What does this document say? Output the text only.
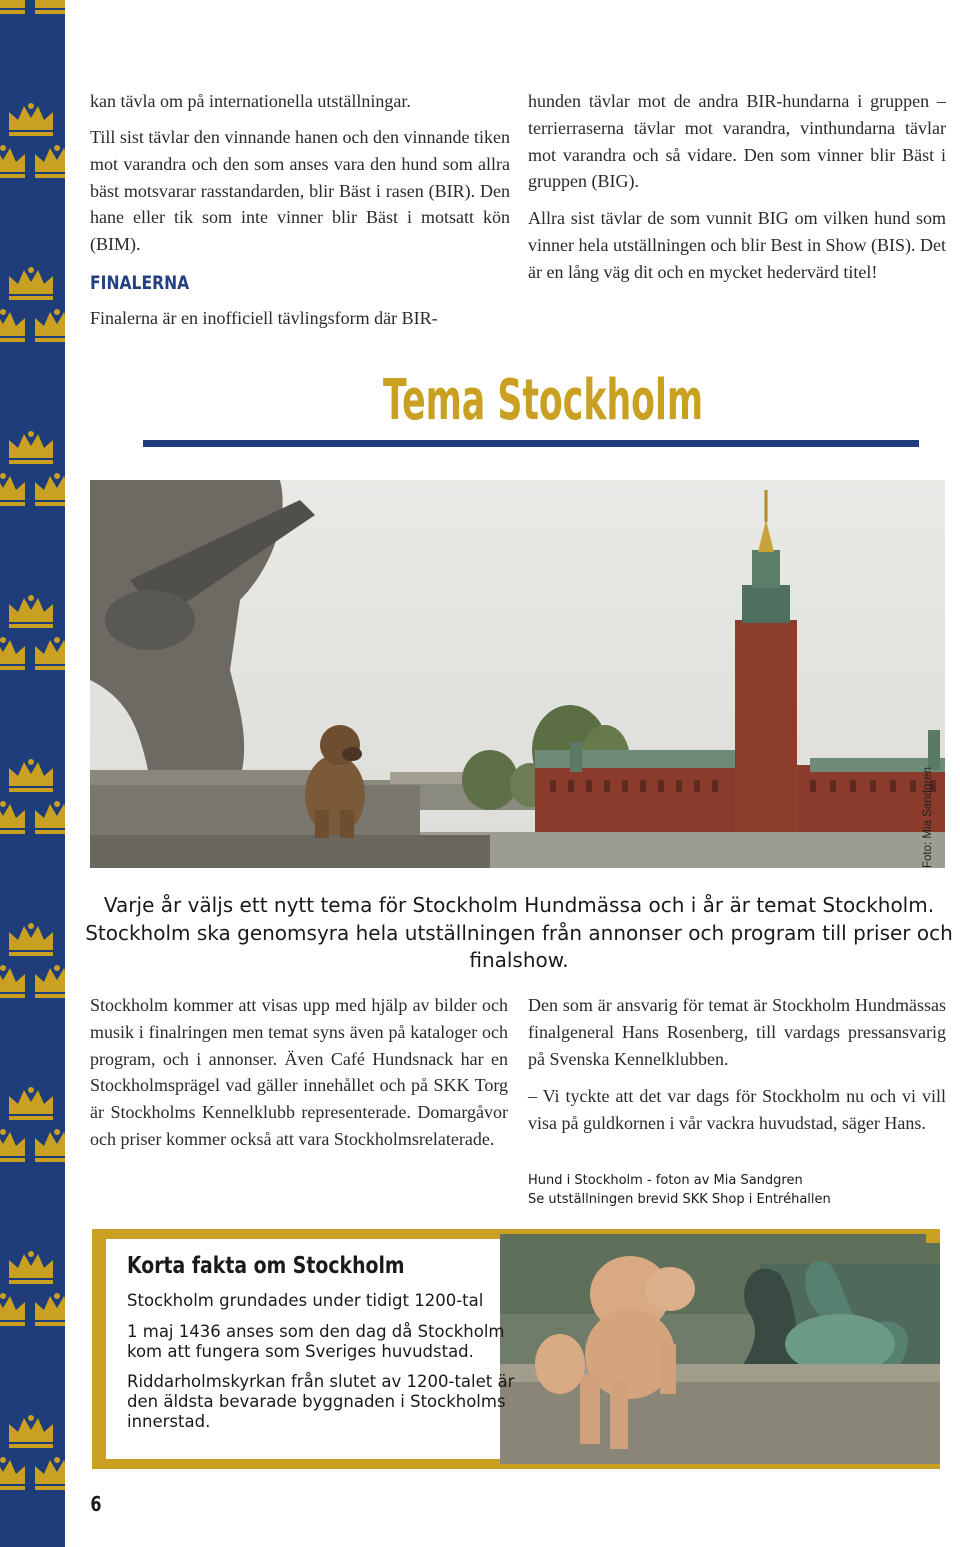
kan tävla om på internationella utställningar.

Till sist tävlar den vinnande hanen och den vinnande tiken mot varandra och den som anses vara den hund som allra bäst motsvarar rasstandarden, blir Bäst i rasen (BIR). Den hane eller tik som inte vinner blir Bäst i motsatt kön (BIM).

FINALERNA

Finalerna är en inofficiell tävlingsform där BIR-

hunden tävlar mot de andra BIR-hundarna i gruppen – terrierraserna tävlar mot varandra, vinthundarna tävlar mot varandra och så vidare. Den som vinner blir Bäst i gruppen (BIG).

Allra sist tävlar de som vunnit BIG om vilken hund som vinner hela utställningen och blir Best in Show (BIS). Det är en lång väg dit och en mycket hedervärd titel!

Tema Stockholm
Foto: Mia Sandgren

Varje år väljs ett nytt tema för Stockholm Hundmässa och i år är temat Stockholm. Stockholm ska genomsyra hela utställningen från annonser och program till priser och finalshow.

Stockholm kommer att visas upp med hjälp av bilder och musik i finalringen men temat syns även på kataloger och program, och i annonser. Även Café Hundsnack har en Stockholmsprägel vad gäller innehållet och på SKK Torg är Stockholms Kennelklubb representerade. Domargåvor och priser kommer också att vara Stockholmsrelaterade.

Den som är ansvarig för temat är Stockholm Hundmässas finalgeneral Hans Rosenberg, till vardags pressansvarig på Svenska Kennelklubben.

– Vi tyckte att det var dags för Stockholm nu och vi vill visa på guldkornen i vår vackra huvudstad, säger Hans.

Hund i Stockholm - foton av Mia Sandgren
Se utställningen brevid SKK Shop i Entréhallen
Korta fakta om Stockholm

Stockholm grundades under tidigt 1200-tal

1 maj 1436 anses som den dag då Stockholm kom att fungera som Sveriges huvudstad.

Riddarholmskyrkan från slutet av 1200-talet är den äldsta bevarade byggnaden i Stockholms innerstad.

6
